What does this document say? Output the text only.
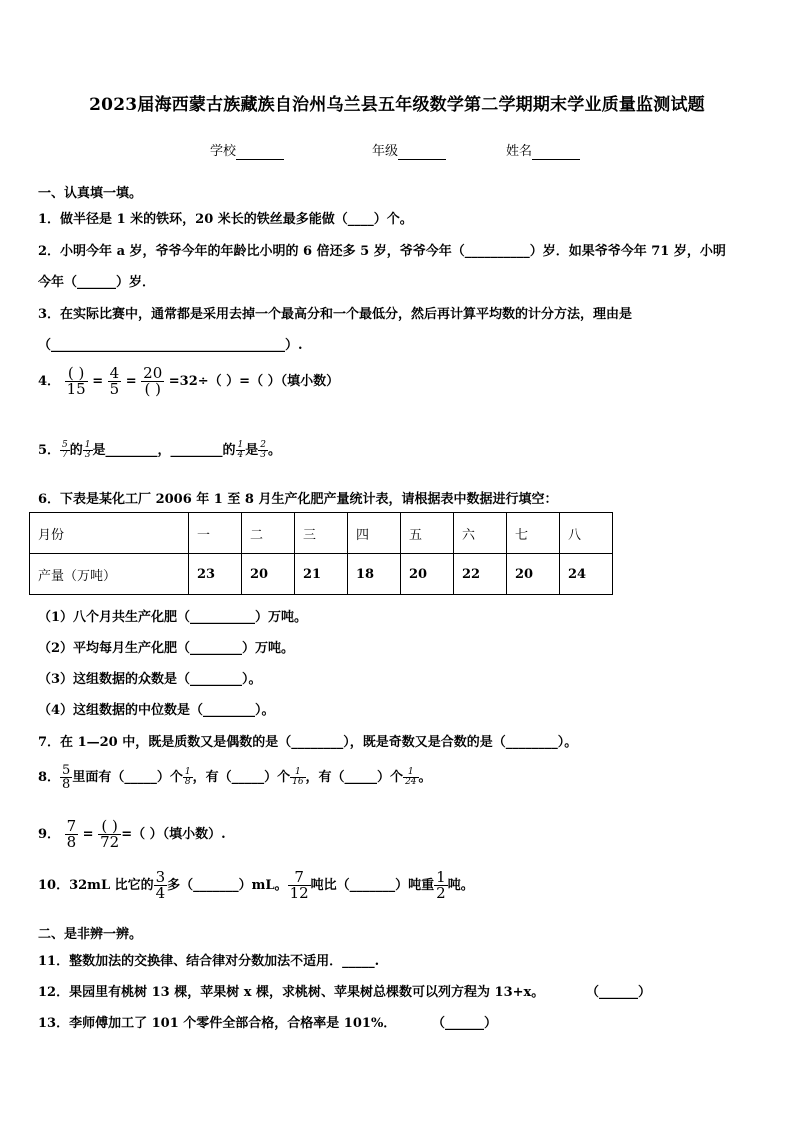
2023届海西蒙古族藏族自治州乌兰县五年级数学第二学期期末学业质量监测试题
学校	年级	姓名
一、认真填一填。
1．做半径是 1 米的铁环，20 米长的铁丝最多能做（____）个。
2．小明今年 a 岁，爷爷今年的年龄比小明的 6 倍还多 5 岁，爷爷今年（__________）岁．如果爷爷今年 71 岁，小明
今年（______）岁．
3．在实际比赛中，通常都是采用去掉一个最高分和一个最低分，然后再计算平均数的计分方法，理由是
（____________________________________）.
4． $\frac{( )}{15} = \frac{4}{5} = \frac{20}{( )} =32\div$（ ）=（ ）（填小数）
5． $\frac{5}{7}$ 的 $\frac{1}{3}$ 是________，________的 $\frac{1}{4}$ 是 $\frac{2}{3}$ 。
6．下表是某化工厂 2006 年 1 至 8 月生产化肥产量统计表，请根据表中数据进行填空：
月份	一	二	三	四	五	六	七	八
产量（万吨）	23	20	21	18	20	22	20	24
（1）八个月共生产化肥（__________）万吨。
（2）平均每月生产化肥（________）万吨。
（3）这组数据的众数是（________）。
（4）这组数据的中位数是（________）。
7．在 1—20 中，既是质数又是偶数的是（________），既是奇数又是合数的是（________）。
8． $\frac{5}{8}$ 里面有（_____）个 $\frac{1}{8}$ ，有（_____）个 $\frac{1}{16}$ ，有（_____）个 $\frac{1}{24}$ 。
9． $\frac{7}{8} = \frac{( )}{72}$ =（ ）（填小数）.
10．32mL 比它的 $\frac{3}{4}$ 多（_______）mL。 $\frac{7}{12}$ 吨比（_______）吨重 $\frac{1}{2}$ 吨。
二、是非辨一辨。
11．整数加法的交换律、结合律对分数加法不适用．_____.
12．果园里有桃树 13 棵，苹果树 x 棵，求桃树、苹果树总棵数可以列方程为 13+x。	（______）
13．李师傅加工了 101 个零件全部合格，合格率是 101%．	（______）
